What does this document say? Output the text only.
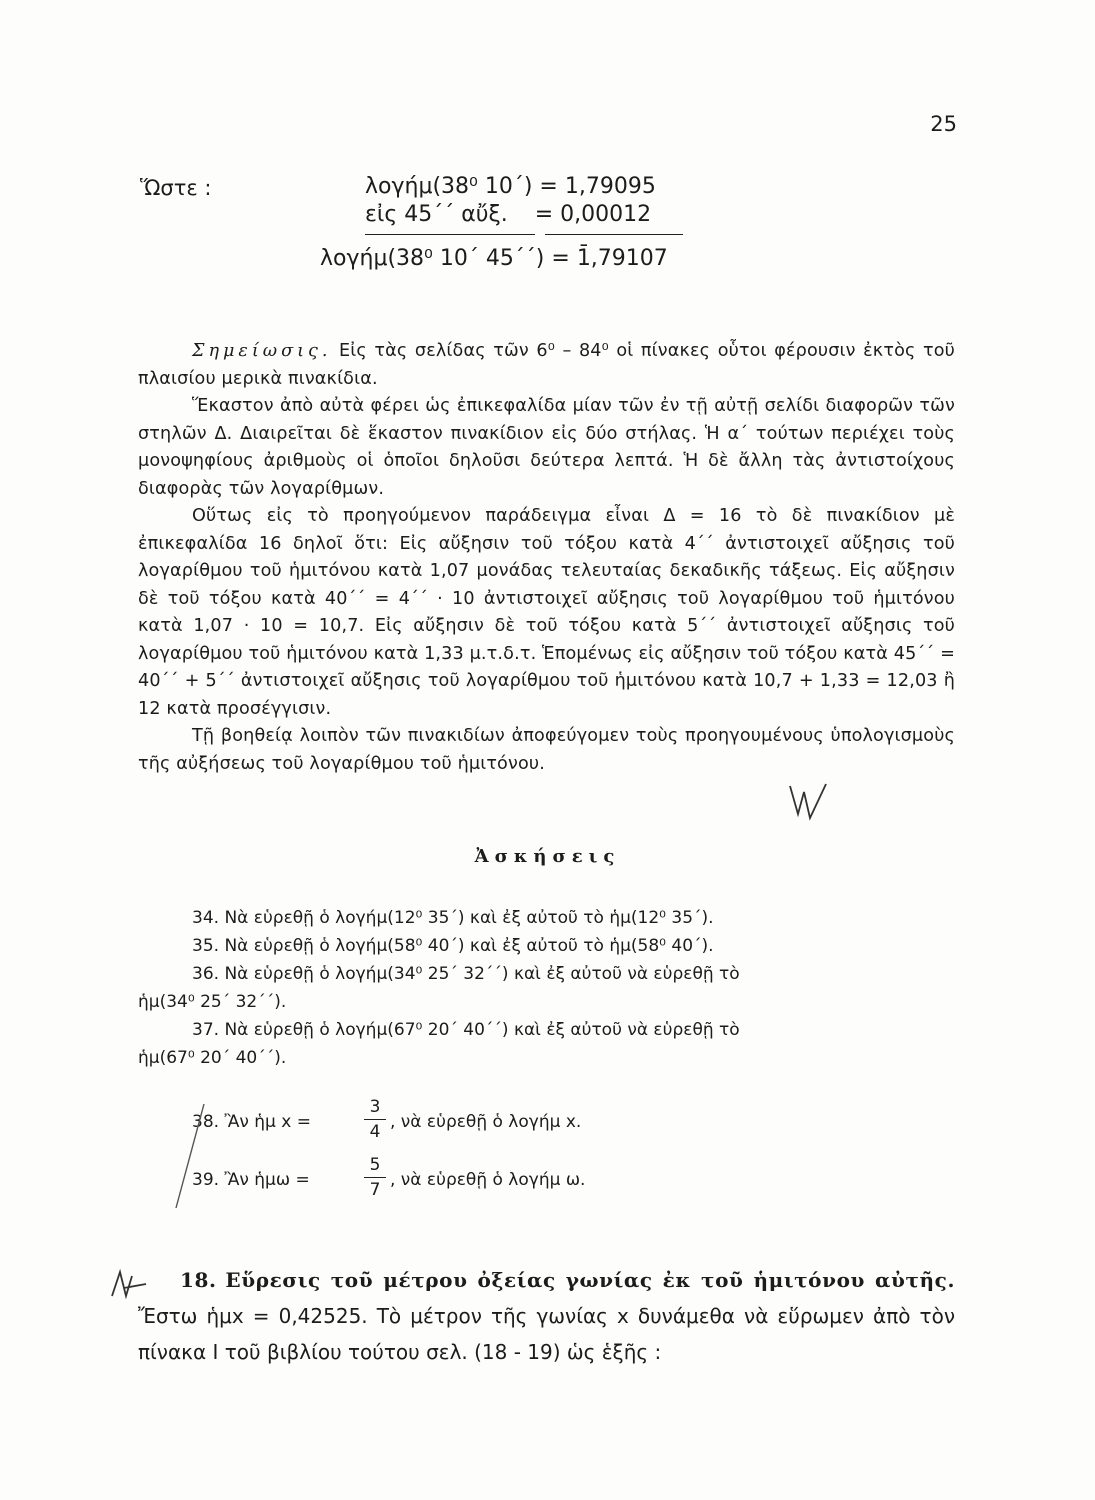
25
Ὥστε :	λογήμ(38⁰ 10΄) = 1,79095
εἰς 45΄΄ αὔξ. = 0,00012
λογήμ(38⁰ 10΄ 45΄΄) = 1̄,79107

Σημείωσις. Εἰς τὰς σελίδας τῶν 6⁰ – 84⁰ οἱ πίνακες οὗτοι φέρουσιν ἐκτὸς τοῦ πλαισίου μερικὰ πινακίδια.

Ἕκαστον ἀπὸ αὐτὰ φέρει ὡς ἐπικεφαλίδα μίαν τῶν ἐν τῇ αὐτῇ σελίδι διαφορῶν τῶν στηλῶν Δ. Διαιρεῖται δὲ ἕκαστον πινακίδιον εἰς δύο στήλας. Ἡ α΄ τούτων περιέχει τοὺς μονοψηφίους ἀριθμοὺς οἱ ὁποῖοι δηλοῦσι δεύτερα λεπτά. Ἡ δὲ ἄλλη τὰς ἀντιστοίχους διαφορὰς τῶν λογαρίθμων.

Οὕτως εἰς τὸ προηγούμενον παράδειγμα εἶναι Δ = 16 τὸ δὲ πινακίδιον μὲ ἐπικεφαλίδα 16 δηλοῖ ὅτι: Εἰς αὔξησιν τοῦ τόξου κατὰ 4΄΄ ἀντιστοιχεῖ αὔξησις τοῦ λογαρίθμου τοῦ ἡμιτόνου κατὰ 1,07 μονάδας τελευταίας δεκαδικῆς τάξεως. Εἰς αὔξησιν δὲ τοῦ τόξου κατὰ 40΄΄ = 4΄΄ · 10 ἀντιστοιχεῖ αὔξησις τοῦ λογαρίθμου τοῦ ἡμιτόνου κατὰ 1,07 · 10 = 10,7. Εἰς αὔξησιν δὲ τοῦ τόξου κατὰ 5΄΄ ἀντιστοιχεῖ αὔξησις τοῦ λογαρίθμου τοῦ ἡμιτόνου κατὰ 1,33 μ.τ.δ.τ. Ἑπομένως εἰς αὔξησιν τοῦ τόξου κατὰ 45΄΄ = 40΄΄ + 5΄΄ ἀντιστοιχεῖ αὔξησις τοῦ λογαρίθμου τοῦ ἡμιτόνου κατὰ 10,7 + 1,33 = 12,03 ἢ 12 κατὰ προσέγγισιν.

Τῇ βοηθείᾳ λοιπὸν τῶν πινακιδίων ἀποφεύγομεν τοὺς προηγουμένους ὑπολογισμοὺς τῆς αὐξήσεως τοῦ λογαρίθμου τοῦ ἡμιτόνου.

Ἀσκήσεις

34. Νὰ εὑρεθῇ ὁ λογήμ(12⁰ 35΄) καὶ ἐξ αὐτοῦ τὸ ἡμ(12⁰ 35΄).

35. Νὰ εὑρεθῇ ὁ λογήμ(58⁰ 40΄) καὶ ἐξ αὐτοῦ τὸ ἡμ(58⁰ 40΄).

36. Νὰ εὑρεθῇ ὁ λογήμ(34⁰ 25΄ 32΄΄) καὶ ἐξ αὐτοῦ νὰ εὑρεθῇ τὸ

ἡμ(34⁰ 25΄ 32΄΄).

37. Νὰ εὑρεθῇ ὁ λογήμ(67⁰ 20΄ 40΄΄) καὶ ἐξ αὐτοῦ νὰ εὑρεθῇ τὸ

ἡμ(67⁰ 20΄ 40΄΄).

38. Ἂν ἡμ x =
3
4 , νὰ εὑρεθῇ ὁ λογήμ x.
39. Ἂν ἡμω =
5
7 , νὰ εὑρεθῇ ὁ λογήμ ω.

18. Εὕρεσις τοῦ μέτρου ὀξείας γωνίας ἐκ τοῦ ἡμιτόνου αὐτῆς. Ἔστω ἡμx = 0,42525. Τὸ μέτρον τῆς γωνίας x δυνάμεθα νὰ εὕρωμεν ἀπὸ τὸν πίνακα I τοῦ βιβλίου τούτου σελ. (18 - 19) ὡς ἑξῆς :
